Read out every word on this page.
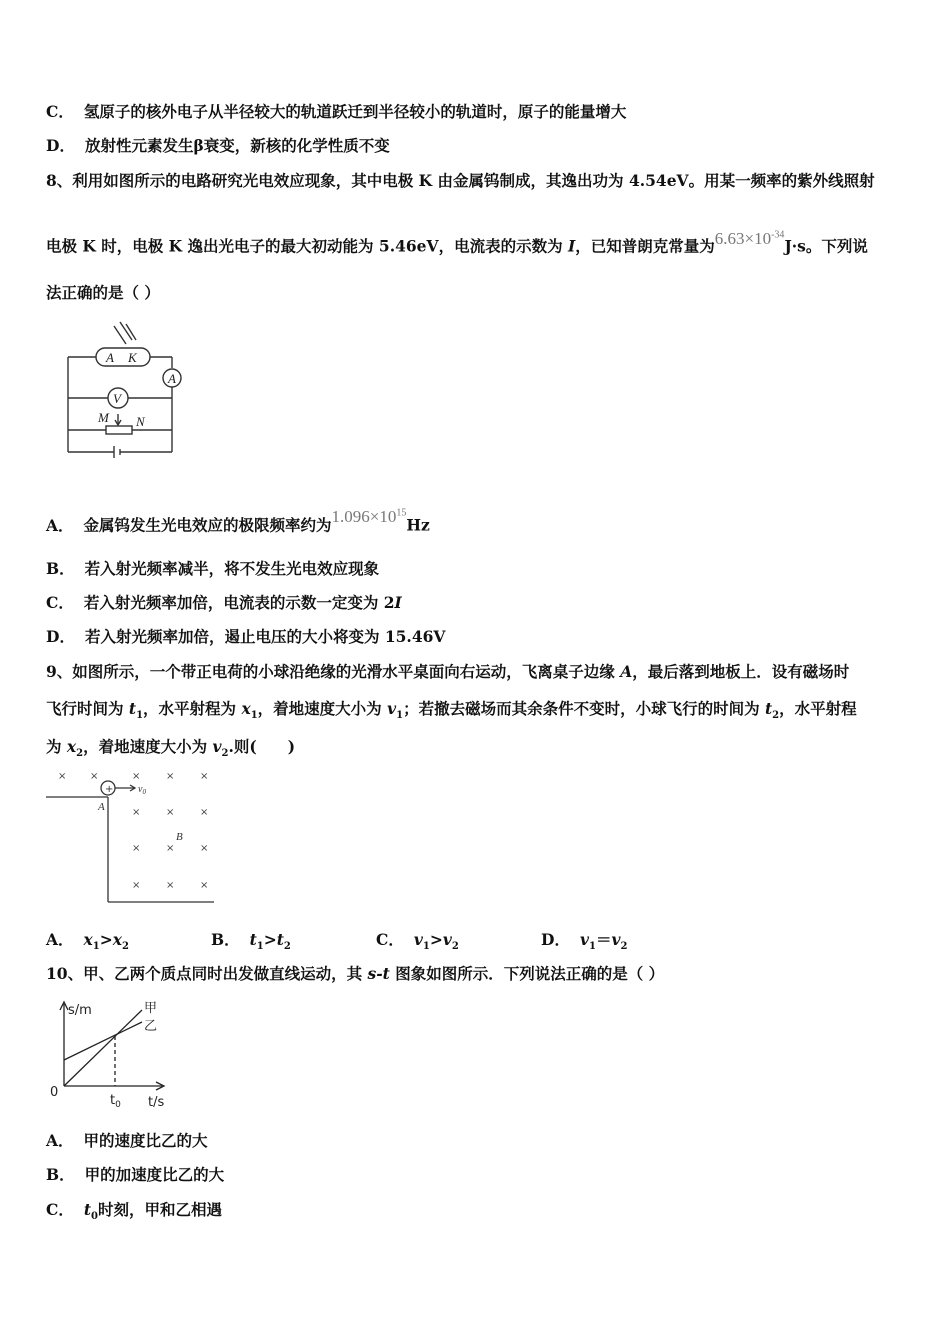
C． 氢原子的核外电子从半径较大的轨道跃迁到半径较小的轨道时，原子的能量增大
D． 放射性元素发生β衰变，新核的化学性质不变
8、利用如图所示的电路研究光电效应现象，其中电极 K 由金属钨制成，其逸出功为 4.54eV。用某一频率的紫外线照射
电极 K 时，电极 K 逸出光电子的最大初动能为 5.46eV，电流表的示数为 I，已知普朗克常量为$6.63\times 10^{-34}J\cdot s$。下列说
法正确的是（ ）
A K
V
A
M N
A． 金属钨发生光电效应的极限频率约为$1.096\times 10^{15}Hz$
B． 若入射光频率减半，将不发生光电效应现象
C． 若入射光频率加倍，电流表的示数一定变为 2I
D． 若入射光频率加倍，遏止电压的大小将变为 15.46V
9、如图所示，一个带正电荷的小球沿绝缘的光滑水平桌面向右运动，飞离桌子边缘 A，最后落到地板上．设有磁场时
飞行时间为 $t_1$，水平射程为 $x_1$，着地速度大小为 $v_1$；若撤去磁场而其余条件不变时，小球飞行的时间为 $t_2$，水平射程
为 $x_2$，着地速度大小为 $v_2$.则(　　)
× ×	×	×	×
×	×	×
×	×	×
×	×	×
+ $v_0$
A
B
A． $x_1>x_2$	B． $t_1>t_2$	C． $v_1>v_2$	D． $v_1=v_2$
10、甲、乙两个质点同时出发做直线运动，其 s-t 图象如图所示．下列说法正确的是（ ）
s/m
t/s
0
$t_0$
甲
乙
A． 甲的速度比乙的大
B． 甲的加速度比乙的大
C． $t_0$时刻，甲和乙相遇
